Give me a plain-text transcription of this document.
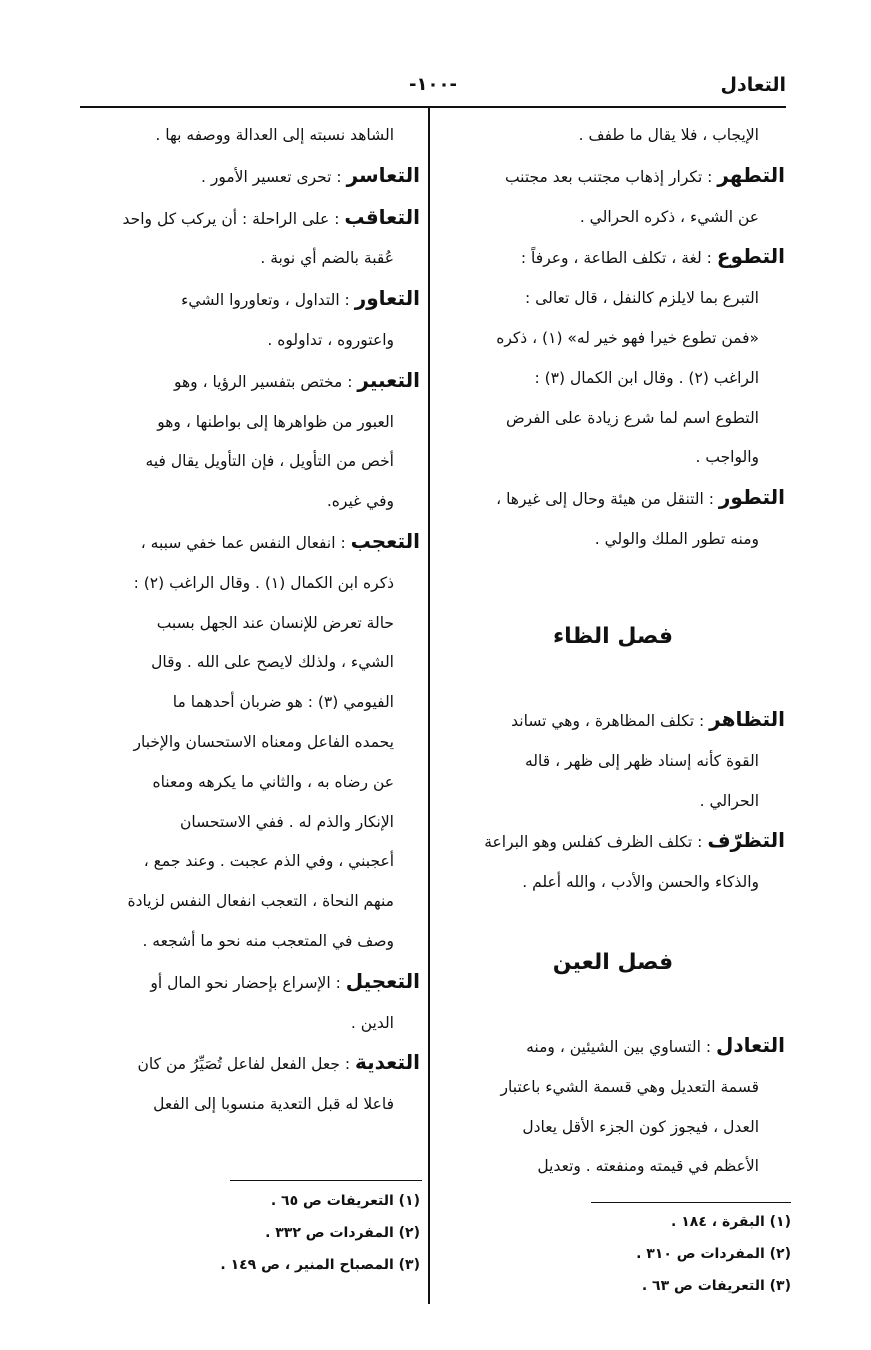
التعادل
-١٠٠-

الإيجاب ، فلا يقال ما طفف .

التطهر : تكرار إذهاب مجتنب بعد مجتنب

عن الشيء ، ذكره الحرالي .

التطوع : لغة ، تكلف الطاعة ، وعرفاً :

التبرع بما لايلزم كالنفل ، قال تعالى :

«فمن تطوع خيرا فهو خير له» (١) ، ذكره

الراغب (٢) . وقال ابن الكمال (٣) :

التطوع اسم لما شرع زيادة على الفرض

والواجب .

التطور : التنقل من هيئة وحال إلى غيرها ،

ومنه تطور الملك والولي .

فصل الظاء

التظاهر : تكلف المظاهرة ، وهي تساند

القوة كأنه إسناد ظهر إلى ظهر ، قاله

الحرالي .

التظرّف : تكلف الظرف كفلس وهو البراعة

والذكاء والحسن والأدب ، والله أعلم .

فصل العين

التعادل : التساوي بين الشيئين ، ومنه

قسمة التعديل وهي قسمة الشيء باعتبار

العدل ، فيجوز كون الجزء الأقل يعادل

الأعظم في قيمته ومنفعته . وتعديل

(١) البقرة ، ١٨٤ .
(٢) المفردات ص ٣١٠ .
(٣) التعريفات ص ٦٣ .

الشاهد نسبته إلى العدالة ووصفه بها .

التعاسر : تحرى تعسير الأمور .

التعاقب : على الراحلة : أن يركب كل واحد

عُقبة بالضم أي نوبة .

التعاور : التداول ، وتعاوروا الشيء

واعتوروه ، تداولوه .

التعبير : مختص بتفسير الرؤيا ، وهو

العبور من ظواهرها إلى بواطنها ، وهو

أخص من التأويل ، فإن التأويل يقال فيه

وفي غيره.

التعجب : انفعال النفس عما خفي سببه ،

ذكره ابن الكمال (١) . وقال الراغب (٢) :

حالة تعرض للإنسان عند الجهل بسبب

الشيء ، ولذلك لايصح على الله . وقال

الفيومي (٣) : هو ضربان أحدهما ما

يحمده الفاعل ومعناه الاستحسان والإخبار

عن رضاه به ، والثاني ما يكرهه ومعناه

الإنكار والذم له . ففي الاستحسان

أعجبني ، وفي الذم عجبت . وعند جمع ،

منهم النحاة ، التعجب انفعال النفس لزيادة

وصف في المتعجب منه نحو ما أشجعه .

التعجيل : الإسراع بإحضار نحو المال أو

الدين .

التعدية : جعل الفعل لفاعل تُصَيِّرُ من كان

فاعلا له قبل التعدية منسوبا إلى الفعل

(١) التعريفات ص ٦٥ .
(٢) المفردات ص ٣٣٢ .
(٣) المصباح المنير ، ص ١٤٩ .
